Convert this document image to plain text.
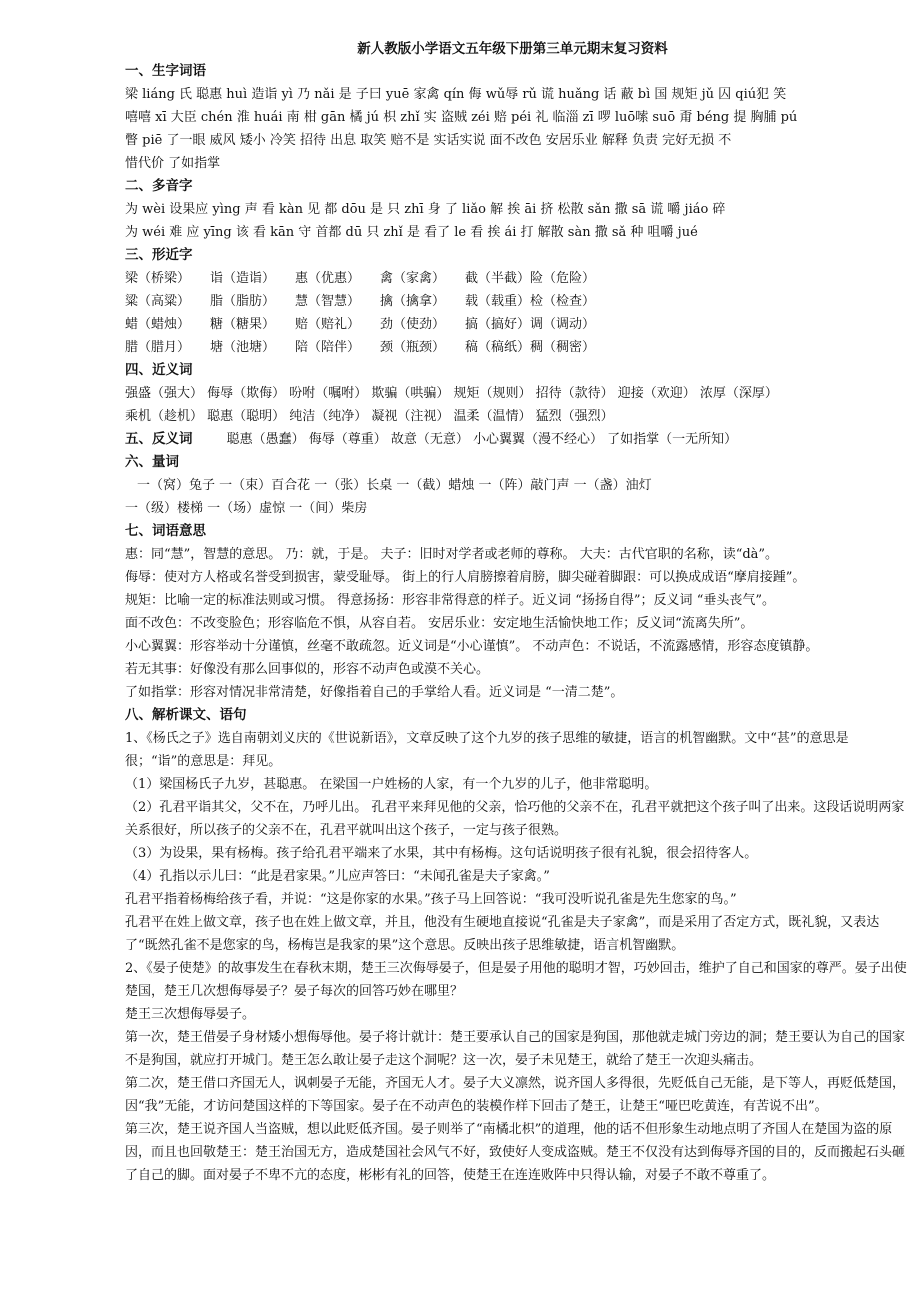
新人教版小学语文五年级下册第三单元期末复习资料
一、生字词语
梁 liáng 氏 聪惠 huì 造诣 yì 乃 nǎi 是 子曰 yuē 家禽 qín 侮 wǔ辱 rǔ 谎 huǎng 话 蔽 bì 国 规矩 jǔ 囚 qiú犯 笑
嘻嘻 xī 大臣 chén 淮 huái 南 柑 gān 橘 jú 枳 zhǐ 实 盗贼 zéi 赔 péi 礼 临淄 zī 啰 luō嗦 suō 甭 béng 提 胸脯 pú
瞥 piē 了一眼 威风 矮小 冷笑 招待 出息 取笑 赔不是 实话实说 面不改色 安居乐业 解释 负责 完好无损 不
惜代价 了如指掌
二、多音字
为 wèi 设果应 yìng 声 看 kàn 见 都 dōu 是 只 zhī 身 了 liǎo 解 挨 āi 挤 松散 sǎn 撒 sā 谎 嚼 jiáo 碎
为 wéi 难 应 yīng 该 看 kān 守 首都 dū 只 zhǐ 是 看了 le 看 挨 ái 打 解散 sàn 撒 sǎ 种 咀嚼 jué
三、形近字
梁（桥梁）	诣（造诣）	惠（优惠）	禽（家禽）	截（半截）险（危险）
粱（高粱）	脂（脂肪）	慧（智慧）	擒（擒拿）	载（载重）检（检查）
蜡（蜡烛）	糖（糖果）	赔（赔礼）	劲（使劲）	搞（搞好）调（调动）
腊（腊月）	塘（池塘）	陪（陪伴）	颈（瓶颈）	稿（稿纸）稠（稠密）
四、近义词
强盛（强大） 侮辱（欺侮） 吩咐（嘱咐） 欺骗（哄骗） 规矩（规则） 招待（款待） 迎接（欢迎） 浓厚（深厚）
乘机（趁机） 聪惠（聪明） 纯洁（纯净） 凝视（注视） 温柔（温情） 猛烈（强烈）
五、反义词	聪惠（愚蠢） 侮辱（尊重） 故意（无意） 小心翼翼（漫不经心） 了如指掌（一无所知）
六、量词
一（窝）兔子 一（束）百合花 一（张）长桌 一（截）蜡烛 一（阵）敲门声 一（盏）油灯
一（级）楼梯 一（场）虚惊 一（间）柴房
七、词语意思
惠：同“慧”，智慧的意思。 乃：就，于是。 夫子：旧时对学者或老师的尊称。 大夫：古代官职的名称，读“dà”。
侮辱：使对方人格或名誉受到损害，蒙受耻辱。 街上的行人肩膀擦着肩膀，脚尖碰着脚跟：可以换成成语“摩肩接踵”。
规矩：比喻一定的标准法则或习惯。 得意扬扬：形容非常得意的样子。近义词 “扬扬自得”；反义词 “垂头丧气”。
面不改色：不改变脸色；形容临危不惧，从容自若。 安居乐业：安定地生活愉快地工作；反义词“流离失所”。
小心翼翼：形容举动十分谨慎，丝毫不敢疏忽。近义词是“小心谨慎”。 不动声色：不说话，不流露感情，形容态度镇静。
若无其事：好像没有那么回事似的，形容不动声色或漠不关心。
了如指掌：形容对情况非常清楚，好像指着自己的手掌给人看。近义词是 “一清二楚”。
八、解析课文、语句
1、《杨氏之子》选自南朝刘义庆的《世说新语》，文章反映了这个九岁的孩子思维的敏捷，语言的机智幽默。文中“甚”的意思是很；“诣”的意思是：拜见。
（1）梁国杨氏子九岁，甚聪惠。 在梁国一户姓杨的人家，有一个九岁的儿子，他非常聪明。
（2）孔君平诣其父，父不在，乃呼儿出。 孔君平来拜见他的父亲，恰巧他的父亲不在，孔君平就把这个孩子叫了出来。这段话说明两家关系很好，所以孩子的父亲不在，孔君平就叫出这个孩子，一定与孩子很熟。
（3）为设果，果有杨梅。孩子给孔君平端来了水果，其中有杨梅。这句话说明孩子很有礼貌，很会招待客人。
（4）孔指以示儿曰：“此是君家果。”儿应声答曰：“未闻孔雀是夫子家禽。”
孔君平指着杨梅给孩子看，并说：“这是你家的水果。”孩子马上回答说：“我可没听说孔雀是先生您家的鸟。”
孔君平在姓上做文章，孩子也在姓上做文章，并且，他没有生硬地直接说“孔雀是夫子家禽”，而是采用了否定方式，既礼貌，又表达了“既然孔雀不是您家的鸟，杨梅岂是我家的果”这个意思。反映出孩子思维敏捷，语言机智幽默。
2、《晏子使楚》的故事发生在春秋末期，楚王三次侮辱晏子，但是晏子用他的聪明才智，巧妙回击，维护了自己和国家的尊严。晏子出使楚国，楚王几次想侮辱晏子？晏子每次的回答巧妙在哪里？
楚王三次想侮辱晏子。
第一次，楚王借晏子身材矮小想侮辱他。晏子将计就计：楚王要承认自己的国家是狗国，那他就走城门旁边的洞；楚王要认为自己的国家不是狗国，就应打开城门。楚王怎么敢让晏子走这个洞呢？这一次，晏子未见楚王，就给了楚王一次迎头痛击。
第二次，楚王借口齐国无人，讽刺晏子无能，齐国无人才。晏子大义凛然，说齐国人多得很，先贬低自己无能，是下等人，再贬低楚国，因“我”无能，才访问楚国这样的下等国家。晏子在不动声色的装模作样下回击了楚王，让楚王“哑巴吃黄连，有苦说不出”。
第三次，楚王说齐国人当盗贼，想以此贬低齐国。晏子则举了“南橘北枳”的道理，他的话不但形象生动地点明了齐国人在楚国为盗的原因，而且也回敬楚王：楚王治国无方，造成楚国社会风气不好，致使好人变成盗贼。楚王不仅没有达到侮辱齐国的目的，反而搬起石头砸了自己的脚。面对晏子不卑不亢的态度，彬彬有礼的回答，使楚王在连连败阵中只得认输，对晏子不敢不尊重了。
